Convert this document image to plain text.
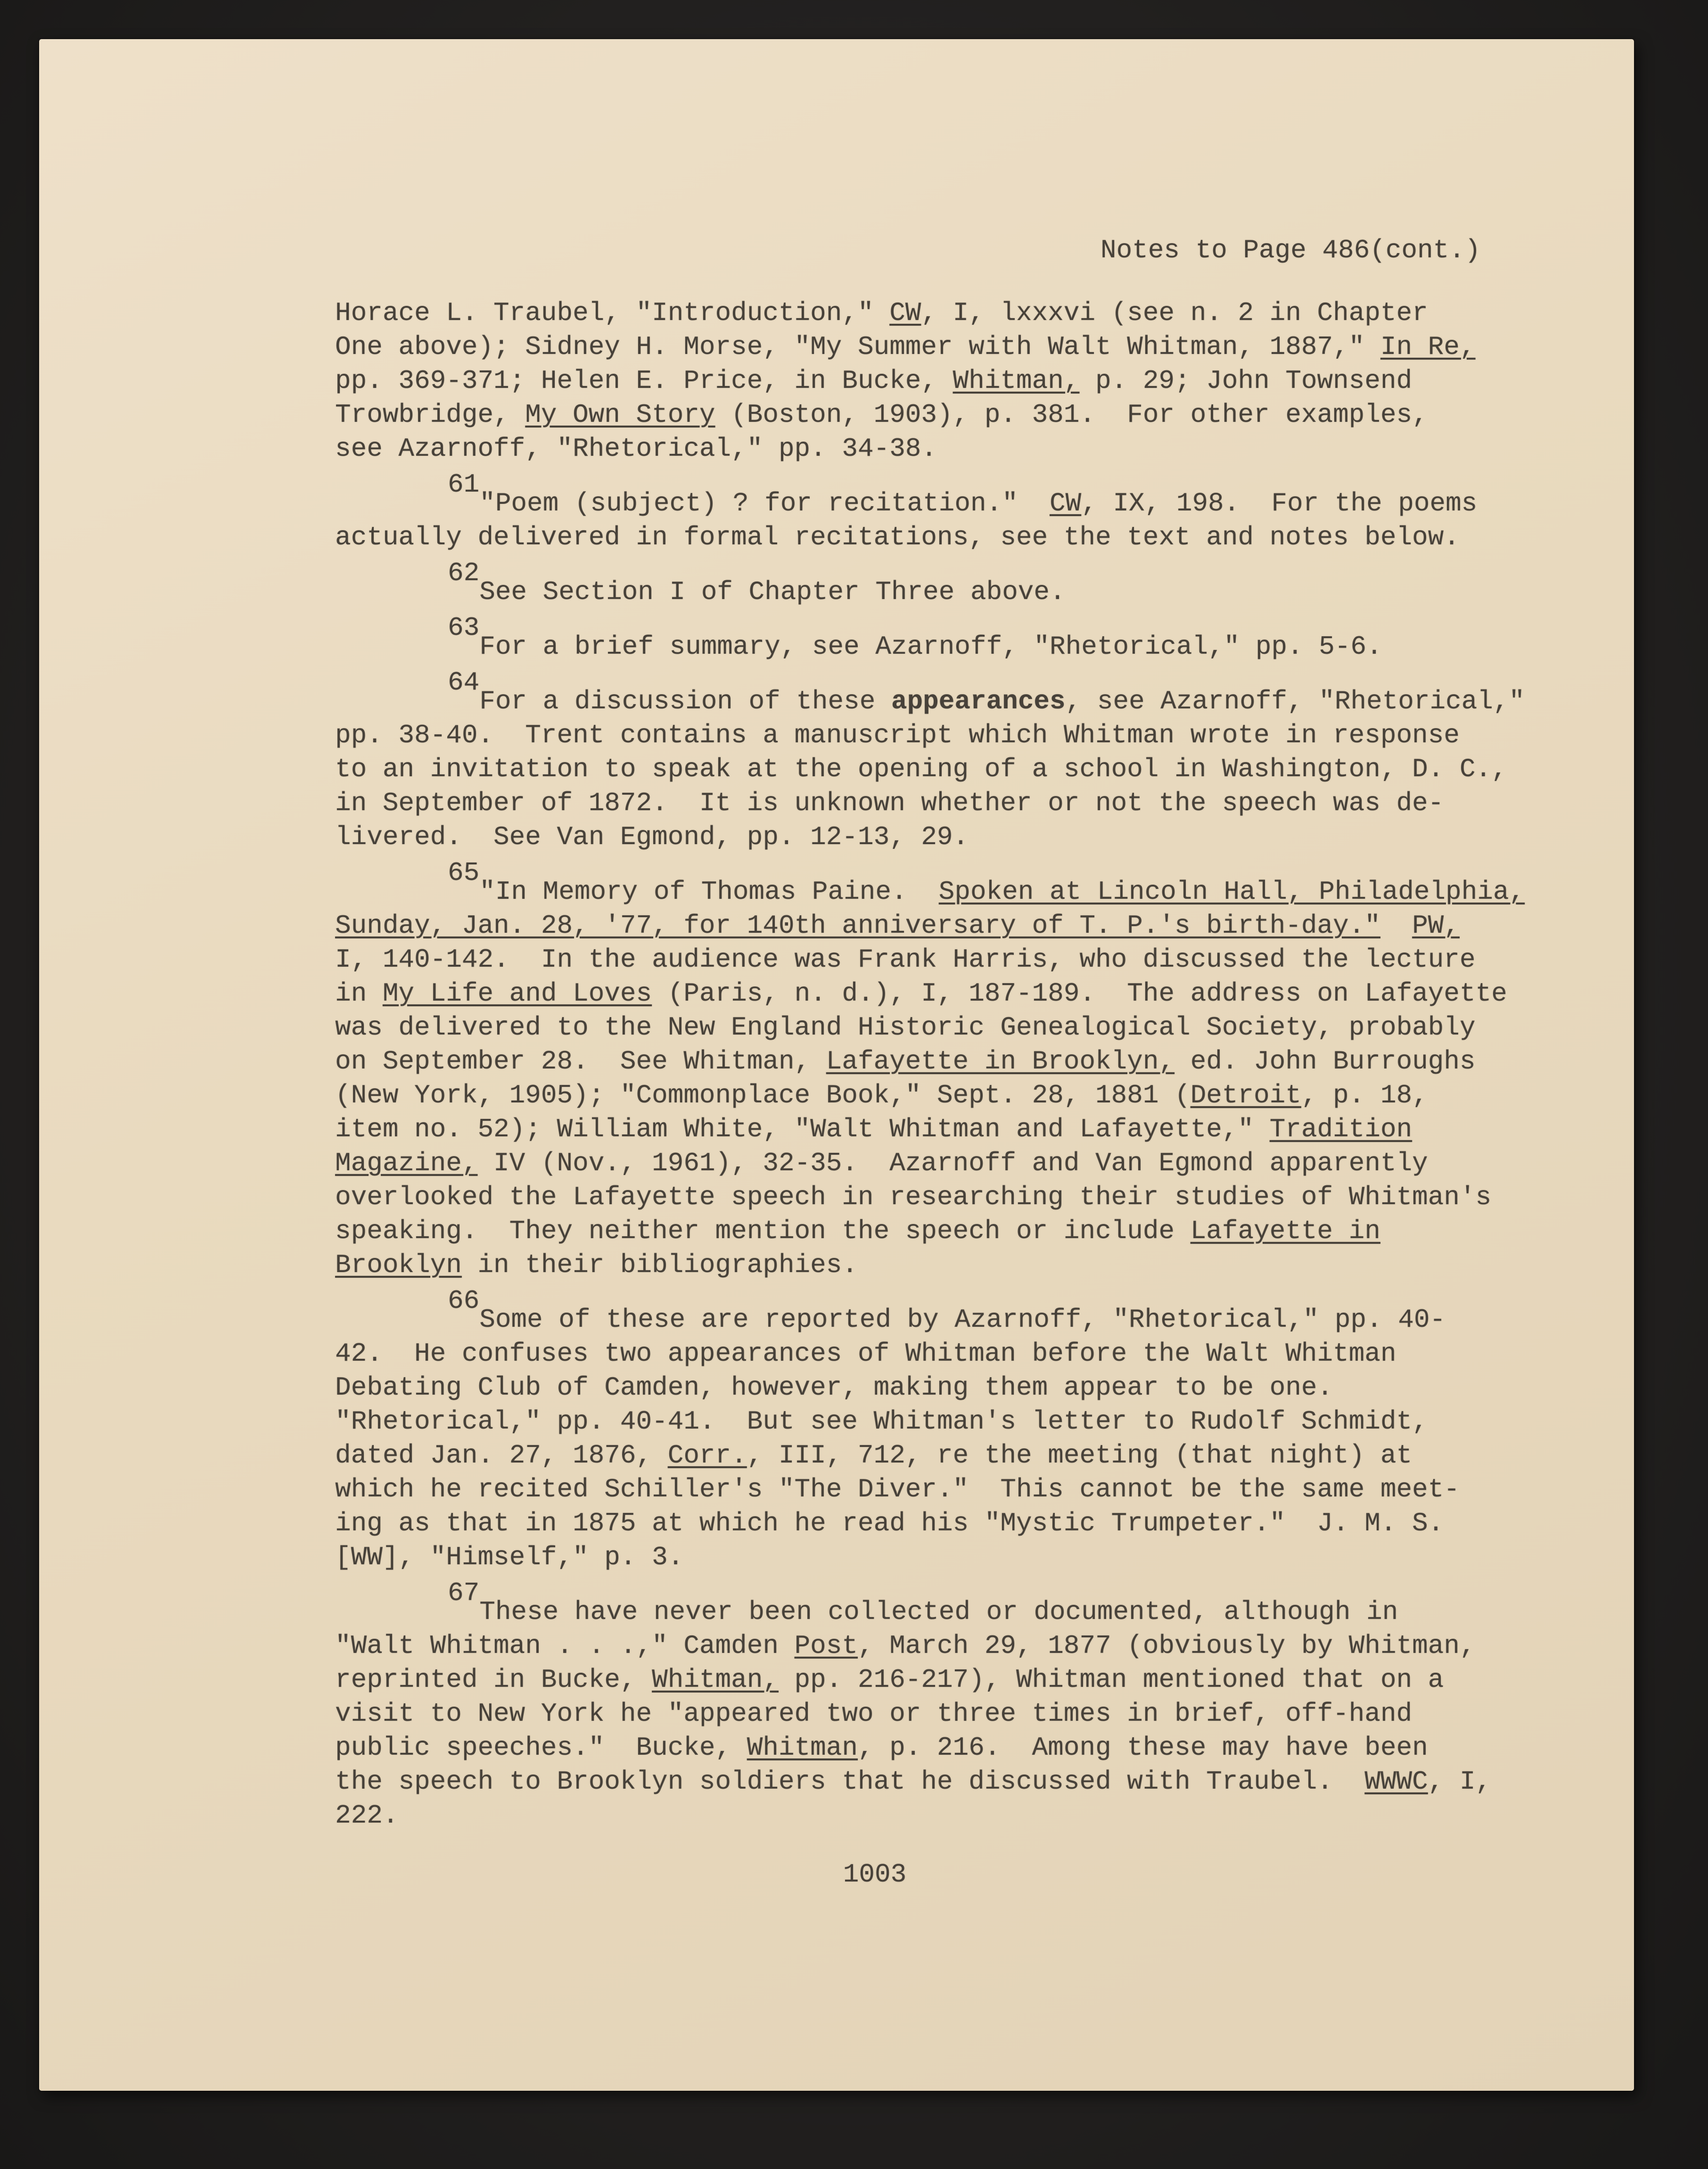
Notes to Page 486(cont.)
Horace L. Traubel, "Introduction," CW, I, lxxxvi (see n. 2 in Chapter
One above); Sidney H. Morse, "My Summer with Walt Whitman, 1887," In Re,
pp. 369-371; Helen E. Price, in Bucke, Whitman, p. 29; John Townsend
Trowbridge, My Own Story (Boston, 1903), p. 381.  For other examples,
see Azarnoff, "Rhetorical," pp. 34-38.
61"Poem (subject) ? for recitation."  CW, IX, 198.  For the poems
actually delivered in formal recitations, see the text and notes below.
62See Section I of Chapter Three above.
63For a brief summary, see Azarnoff, "Rhetorical," pp. 5-6.
64For a discussion of these appearances, see Azarnoff, "Rhetorical,"
pp. 38-40.  Trent contains a manuscript which Whitman wrote in response
to an invitation to speak at the opening of a school in Washington, D. C.,
in September of 1872.  It is unknown whether or not the speech was de-
livered.  See Van Egmond, pp. 12-13, 29.
65"In Memory of Thomas Paine.  Spoken at Lincoln Hall, Philadelphia,
Sunday, Jan. 28, '77, for 140th anniversary of T. P.'s birth-day." PW,
I, 140-142.  In the audience was Frank Harris, who discussed the lecture
in My Life and Loves (Paris, n. d.), I, 187-189.  The address on Lafayette
was delivered to the New England Historic Genealogical Society, probably
on September 28.  See Whitman, Lafayette in Brooklyn, ed. John Burroughs
(New York, 1905); "Commonplace Book," Sept. 28, 1881 (Detroit, p. 18,
item no. 52); William White, "Walt Whitman and Lafayette," Tradition
Magazine, IV (Nov., 1961), 32-35.  Azarnoff and Van Egmond apparently
overlooked the Lafayette speech in researching their studies of Whitman's
speaking.  They neither mention the speech or include Lafayette in
Brooklyn in their bibliographies.
66Some of these are reported by Azarnoff, "Rhetorical," pp. 40-
42.  He confuses two appearances of Whitman before the Walt Whitman
Debating Club of Camden, however, making them appear to be one.
"Rhetorical," pp. 40-41.  But see Whitman's letter to Rudolf Schmidt,
dated Jan. 27, 1876, Corr., III, 712, re the meeting (that night) at
which he recited Schiller's "The Diver."  This cannot be the same meet-
ing as that in 1875 at which he read his "Mystic Trumpeter."  J. M. S.
[WW], "Himself," p. 3.
67These have never been collected or documented, although in
"Walt Whitman . . .," Camden Post, March 29, 1877 (obviously by Whitman,
reprinted in Bucke, Whitman, pp. 216-217), Whitman mentioned that on a
visit to New York he "appeared two or three times in brief, off-hand
public speeches."  Bucke, Whitman, p. 216.  Among these may have been
the speech to Brooklyn soldiers that he discussed with Traubel.  WWWC, I,
222.
1003
